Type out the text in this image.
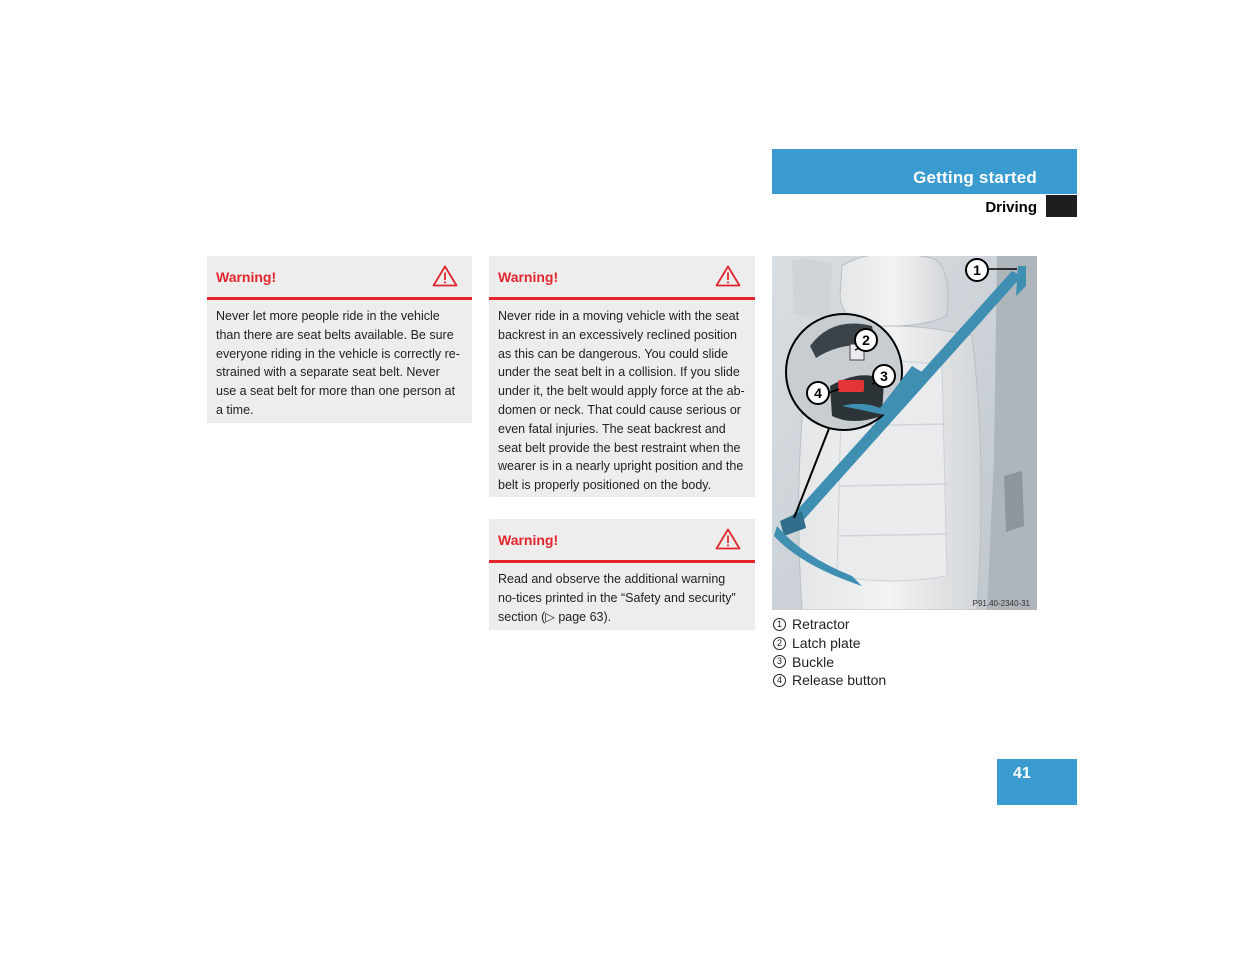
Getting started
Driving
Warning!
Never let more people ride in the vehicle than there are seat belts available. Be sure everyone riding in the vehicle is correctly re-strained with a separate seat belt. Never use a seat belt for more than one person at a time.
Warning!
Never ride in a moving vehicle with the seat backrest in an excessively reclined position as this can be dangerous. You could slide under the seat belt in a collision. If you slide under it, the belt would apply force at the ab-domen or neck. That could cause serious or even fatal injuries. The seat backrest and seat belt provide the best restraint when the wearer is in a nearly upright position and the belt is properly positioned on the body.
Warning!
Read and observe the additional warning no-tices printed in the “Safety and security” section (▷ page 63).
1
2
3
4
P91.40-2340-31
1 Retractor
2 Latch plate
3 Buckle
4 Release button
41
